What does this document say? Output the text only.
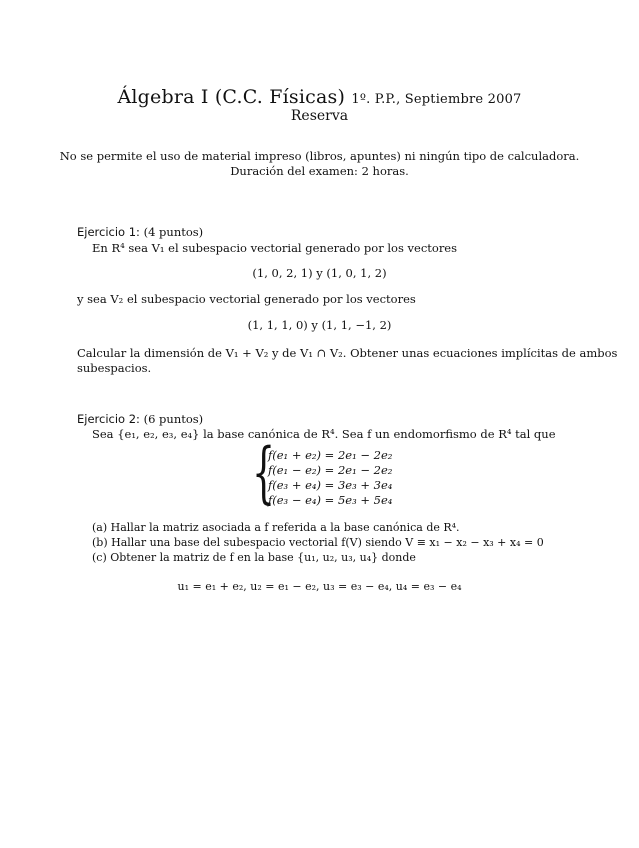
Álgebra I (C.C. Físicas) 1º. P.P., Septiembre 2007
Reserva
No se permite el uso de material impreso (libros, apuntes) ni ningún tipo de calculadora.
Duración del examen: 2 horas.
Ejercicio 1: (4 puntos)
En R⁴ sea V₁ el subespacio vectorial generado por los vectores
(1, 0, 2, 1) y (1, 0, 1, 2)
y sea V₂ el subespacio vectorial generado por los vectores
(1, 1, 1, 0) y (1, 1, −1, 2)
Calcular la dimensión de V₁ + V₂ y de V₁ ∩ V₂. Obtener unas ecuaciones implícitas de ambos
subespacios.
Ejercicio 2: (6 puntos)
Sea {e₁, e₂, e₃, e₄} la base canónica de R⁴. Sea f un endomorfismo de R⁴ tal que
{
f(e₁ + e₂) = 2e₁ − 2e₂
f(e₁ − e₂) = 2e₁ − 2e₂
f(e₃ + e₄) = 3e₃ + 3e₄
f(e₃ − e₄) = 5e₃ + 5e₄
(a) Hallar la matriz asociada a f referida a la base canónica de R⁴.
(b) Hallar una base del subespacio vectorial f(V) siendo V ≡ x₁ − x₂ − x₃ + x₄ = 0
(c) Obtener la matriz de f en la base {u₁, u₂, u₃, u₄} donde
u₁ = e₁ + e₂, u₂ = e₁ − e₂, u₃ = e₃ − e₄, u₄ = e₃ − e₄
